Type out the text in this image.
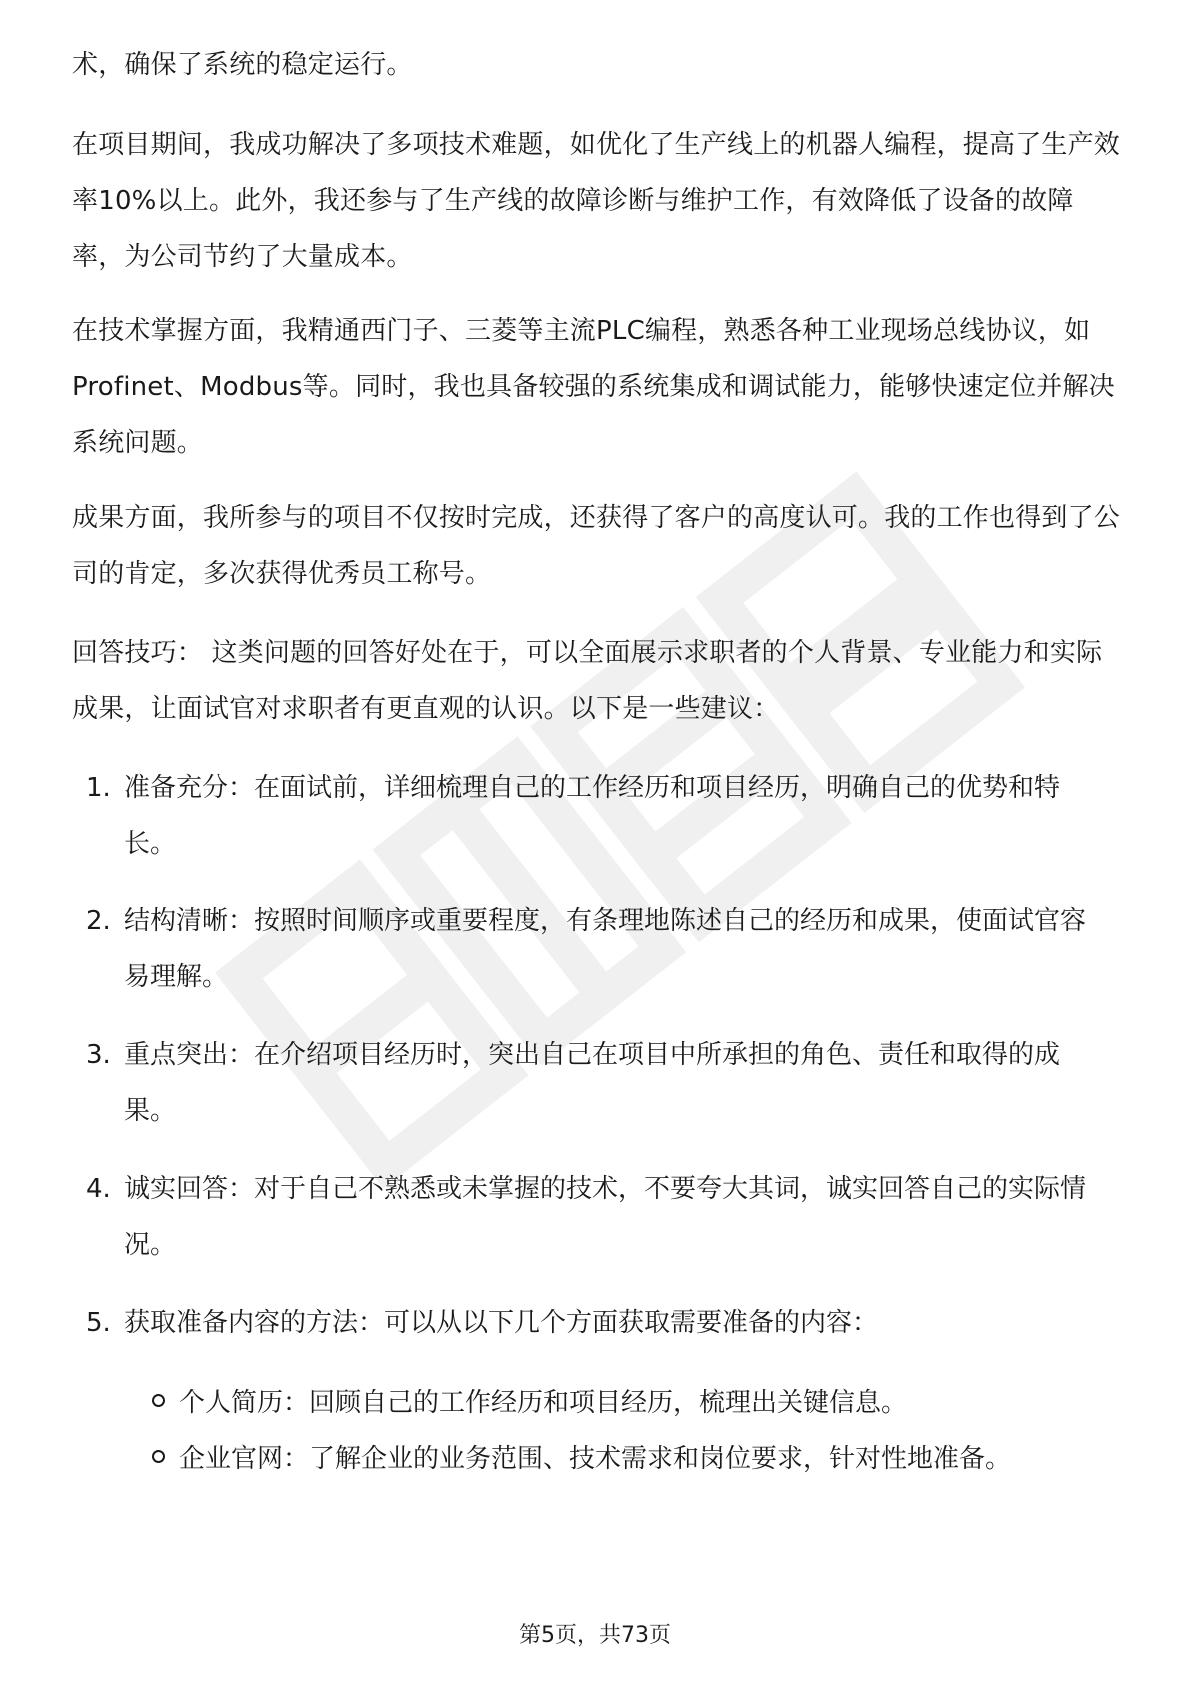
术，确保了系统的稳定运行。

在项目期间，我成功解决了多项技术难题，如优化了生产线上的机器人编程，提高了生产效率10%以上。此外，我还参与了生产线的故障诊断与维护工作，有效降低了设备的故障率，为公司节约了大量成本。

在技术掌握方面，我精通西门子、三菱等主流PLC编程，熟悉各种工业现场总线协议，如Profinet、Modbus等。同时，我也具备较强的系统集成和调试能力，能够快速定位并解决系统问题。

成果方面，我所参与的项目不仅按时完成，还获得了客户的高度认可。我的工作也得到了公司的肯定，多次获得优秀员工称号。

回答技巧： 这类问题的回答好处在于，可以全面展示求职者的个人背景、专业能力和实际成果，让面试官对求职者有更直观的认识。以下是一些建议：

1. 准备充分：在面试前，详细梳理自己的工作经历和项目经历，明确自己的优势和特长。
2. 结构清晰：按照时间顺序或重要程度，有条理地陈述自己的经历和成果，使面试官容易理解。
3. 重点突出：在介绍项目经历时，突出自己在项目中所承担的角色、责任和取得的成果。
4. 诚实回答：对于自己不熟悉或未掌握的技术，不要夸大其词，诚实回答自己的实际情况。
5. 获取准备内容的方法：可以从以下几个方面获取需要准备的内容：
个人简历：回顾自己的工作经历和项目经历，梳理出关键信息。
企业官网：了解企业的业务范围、技术需求和岗位要求，针对性地准备。
第5页，共73页
